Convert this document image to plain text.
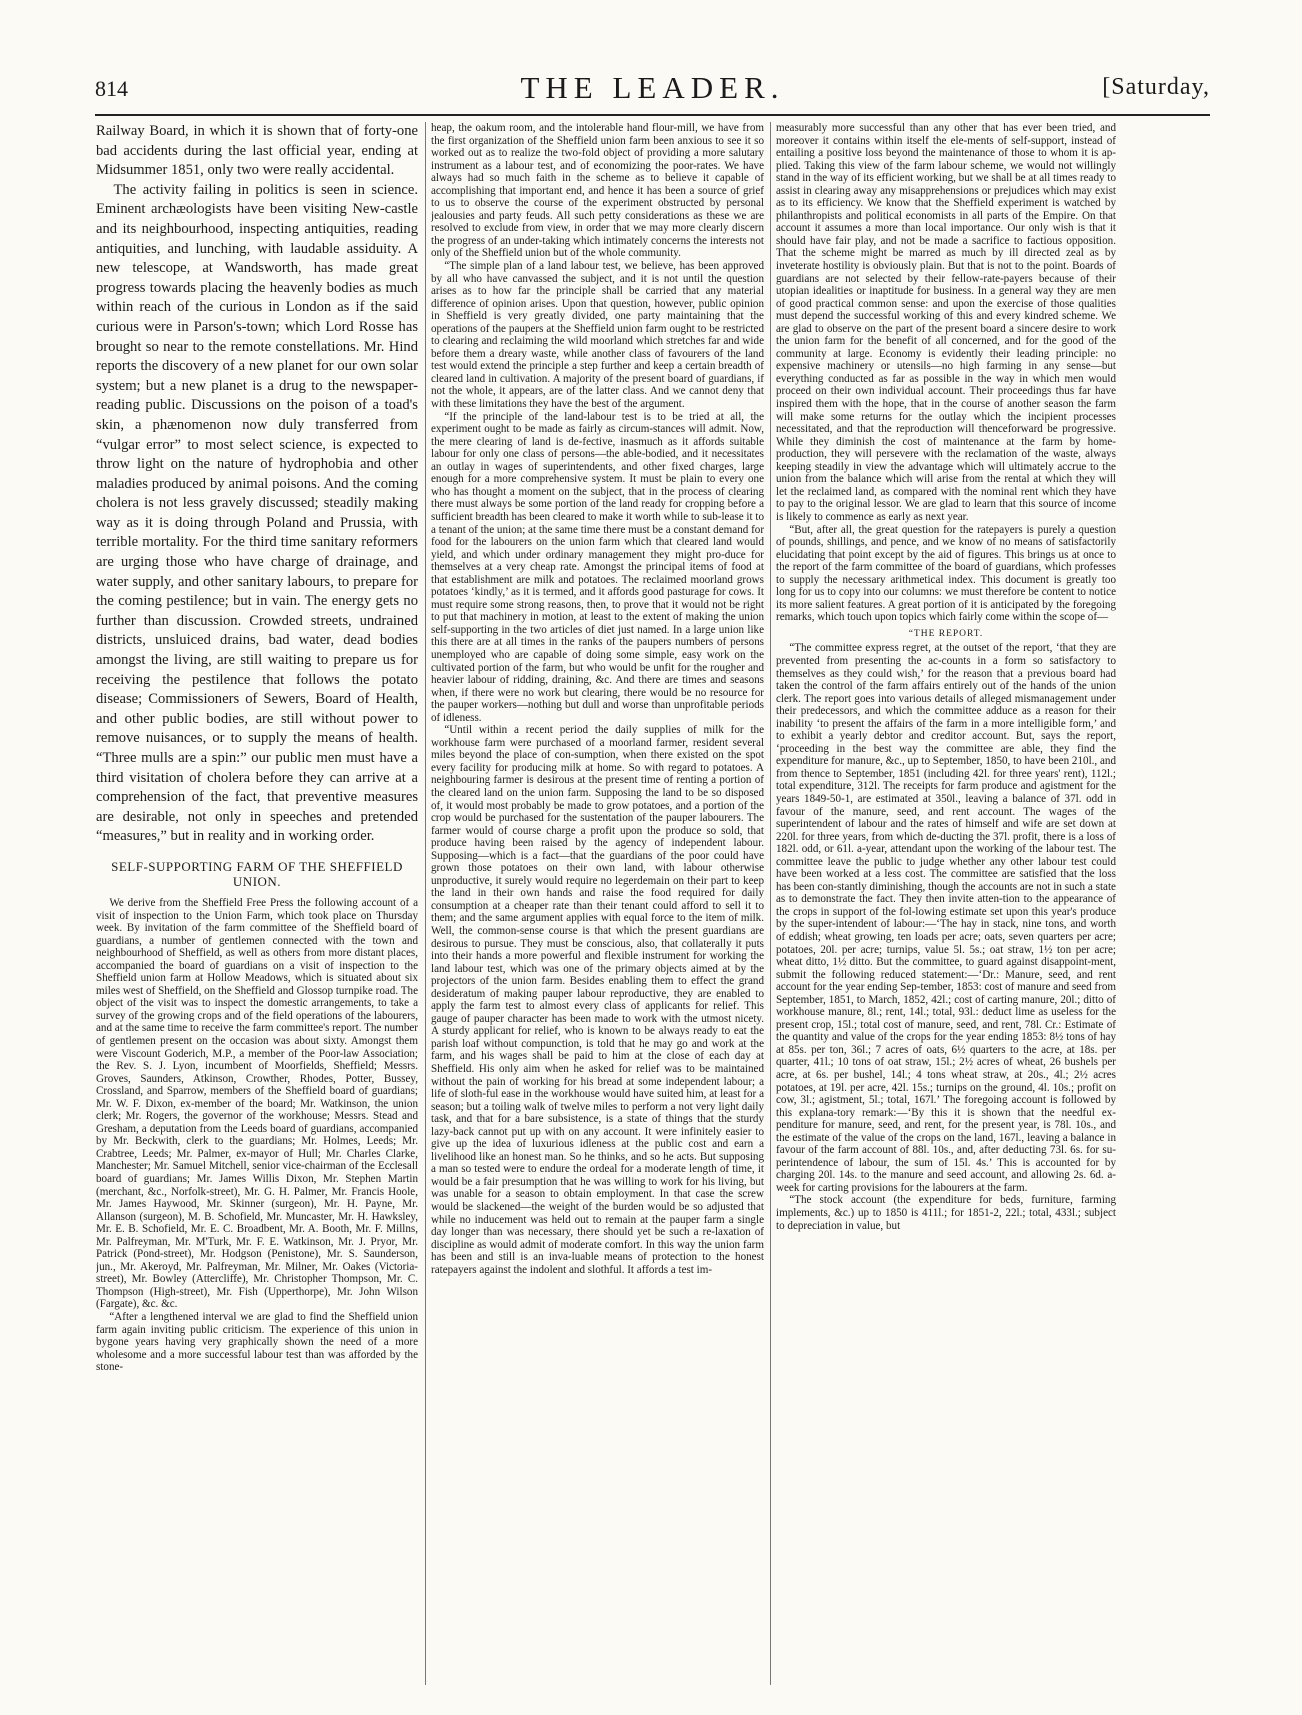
814	THE LEADER.	[Saturday,

Railway Board, in which it is shown that of forty-one bad accidents during the last official year, ending at Midsummer 1851, only two were really accidental.

The activity failing in politics is seen in science. Eminent archæologists have been visiting New-castle and its neighbourhood, inspecting antiquities, reading antiquities, and lunching, with laudable assiduity. A new telescope, at Wandsworth, has made great progress towards placing the heavenly bodies as much within reach of the curious in London as if the said curious were in Parson's-town; which Lord Rosse has brought so near to the remote constellations. Mr. Hind reports the discovery of a new planet for our own solar system; but a new planet is a drug to the newspaper-reading public. Discussions on the poison of a toad's skin, a phænomenon now duly transferred from “vulgar error” to most select science, is expected to throw light on the nature of hydrophobia and other maladies produced by animal poisons. And the coming cholera is not less gravely discussed; steadily making way as it is doing through Poland and Prussia, with terrible mortality. For the third time sanitary reformers are urging those who have charge of drainage, and water supply, and other sanitary labours, to prepare for the coming pestilence; but in vain. The energy gets no further than discussion. Crowded streets, undrained districts, unsluiced drains, bad water, dead bodies amongst the living, are still waiting to prepare us for receiving the pestilence that follows the potato disease; Commissioners of Sewers, Board of Health, and other public bodies, are still without power to remove nuisances, or to supply the means of health. “Three mulls are a spin:” our public men must have a third visitation of cholera before they can arrive at a comprehension of the fact, that preventive measures are desirable, not only in speeches and pretended “measures,” but in reality and in working order.

SELF-SUPPORTING FARM OF THE SHEFFIELD UNION.

We derive from the Sheffield Free Press the following account of a visit of inspection to the Union Farm, which took place on Thursday week. By invitation of the farm committee of the Sheffield board of guardians, a number of gentlemen connected with the town and neighbourhood of Sheffield, as well as others from more distant places, accompanied the board of guardians on a visit of inspection to the Sheffield union farm at Hollow Meadows, which is situated about six miles west of Sheffield, on the Sheffield and Glossop turnpike road. The object of the visit was to inspect the domestic arrangements, to take a survey of the growing crops and of the field operations of the labourers, and at the same time to receive the farm committee's report. The number of gentlemen present on the occasion was about sixty. Amongst them were Viscount Goderich, M.P., a member of the Poor-law Association; the Rev. S. J. Lyon, incumbent of Moorfields, Sheffield; Messrs. Groves, Saunders, Atkinson, Crowther, Rhodes, Potter, Bussey, Crossland, and Sparrow, members of the Sheffield board of guardians; Mr. W. F. Dixon, ex-member of the board; Mr. Watkinson, the union clerk; Mr. Rogers, the governor of the workhouse; Messrs. Stead and Gresham, a deputation from the Leeds board of guardians, accompanied by Mr. Beckwith, clerk to the guardians; Mr. Holmes, Leeds; Mr. Crabtree, Leeds; Mr. Palmer, ex-mayor of Hull; Mr. Charles Clarke, Manchester; Mr. Samuel Mitchell, senior vice-chairman of the Ecclesall board of guardians; Mr. James Willis Dixon, Mr. Stephen Martin (merchant, &c., Norfolk-street), Mr. G. H. Palmer, Mr. Francis Hoole, Mr. James Haywood, Mr. Skinner (surgeon), Mr. H. Payne, Mr. Allanson (surgeon), M. B. Schofield, Mr. Muncaster, Mr. H. Hawksley, Mr. E. B. Schofield, Mr. E. C. Broadbent, Mr. A. Booth, Mr. F. Millns, Mr. Palfreyman, Mr. M'Turk, Mr. F. E. Watkinson, Mr. J. Pryor, Mr. Patrick (Pond-street), Mr. Hodgson (Penistone), Mr. S. Saunderson, jun., Mr. Akeroyd, Mr. Palfreyman, Mr. Milner, Mr. Oakes (Victoria-street), Mr. Bowley (Attercliffe), Mr. Christopher Thompson, Mr. C. Thompson (High-street), Mr. Fish (Upperthorpe), Mr. John Wilson (Fargate), &c. &c.

“After a lengthened interval we are glad to find the Sheffield union farm again inviting public criticism. The experience of this union in bygone years having very graphically shown the need of a more wholesome and a more successful labour test than was afforded by the stone-

heap, the oakum room, and the intolerable hand flour-mill, we have from the first organization of the Sheffield union farm been anxious to see it so worked out as to realize the two-fold object of providing a more salutary instrument as a labour test, and of economizing the poor-rates. We have always had so much faith in the scheme as to believe it capable of accomplishing that important end, and hence it has been a source of grief to us to observe the course of the experiment obstructed by personal jealousies and party feuds. All such petty considerations as these we are resolved to exclude from view, in order that we may more clearly discern the progress of an under-taking which intimately concerns the interests not only of the Sheffield union but of the whole community.

“The simple plan of a land labour test, we believe, has been approved by all who have canvassed the subject, and it is not until the question arises as to how far the principle shall be carried that any material difference of opinion arises. Upon that question, however, public opinion in Sheffield is very greatly divided, one party maintaining that the operations of the paupers at the Sheffield union farm ought to be restricted to clearing and reclaiming the wild moorland which stretches far and wide before them a dreary waste, while another class of favourers of the land test would extend the principle a step further and keep a certain breadth of cleared land in cultivation. A majority of the present board of guardians, if not the whole, it appears, are of the latter class. And we cannot deny that with these limitations they have the best of the argument.

“If the principle of the land-labour test is to be tried at all, the experiment ought to be made as fairly as circum-stances will admit. Now, the mere clearing of land is de-fective, inasmuch as it affords suitable labour for only one class of persons—the able-bodied, and it necessitates an outlay in wages of superintendents, and other fixed charges, large enough for a more comprehensive system. It must be plain to every one who has thought a moment on the subject, that in the process of clearing there must always be some portion of the land ready for cropping before a sufficient breadth has been cleared to make it worth while to sub-lease it to a tenant of the union; at the same time there must be a constant demand for food for the labourers on the union farm which that cleared land would yield, and which under ordinary management they might pro-duce for themselves at a very cheap rate. Amongst the principal items of food at that establishment are milk and potatoes. The reclaimed moorland grows potatoes ‘kindly,’ as it is termed, and it affords good pasturage for cows. It must require some strong reasons, then, to prove that it would not be right to put that machinery in motion, at least to the extent of making the union self-supporting in the two articles of diet just named. In a large union like this there are at all times in the ranks of the paupers numbers of persons unemployed who are capable of doing some simple, easy work on the cultivated portion of the farm, but who would be unfit for the rougher and heavier labour of ridding, draining, &c. And there are times and seasons when, if there were no work but clearing, there would be no resource for the pauper workers—nothing but dull and worse than unprofitable periods of idleness.

“Until within a recent period the daily supplies of milk for the workhouse farm were purchased of a moorland farmer, resident several miles beyond the place of con-sumption, when there existed on the spot every facility for producing milk at home. So with regard to potatoes. A neighbouring farmer is desirous at the present time of renting a portion of the cleared land on the union farm. Supposing the land to be so disposed of, it would most probably be made to grow potatoes, and a portion of the crop would be purchased for the sustentation of the pauper labourers. The farmer would of course charge a profit upon the produce so sold, that produce having been raised by the agency of independent labour. Supposing—which is a fact—that the guardians of the poor could have grown those potatoes on their own land, with labour otherwise unproductive, it surely would require no legerdemain on their part to keep the land in their own hands and raise the food required for daily consumption at a cheaper rate than their tenant could afford to sell it to them; and the same argument applies with equal force to the item of milk. Well, the common-sense course is that which the present guardians are desirous to pursue. They must be conscious, also, that collaterally it puts into their hands a more powerful and flexible instrument for working the land labour test, which was one of the primary objects aimed at by the projectors of the union farm. Besides enabling them to effect the grand desideratum of making pauper labour reproductive, they are enabled to apply the farm test to almost every class of applicants for relief. This gauge of pauper character has been made to work with the utmost nicety. A sturdy applicant for relief, who is known to be always ready to eat the parish loaf without compunction, is told that he may go and work at the farm, and his wages shall be paid to him at the close of each day at Sheffield. His only aim when he asked for relief was to be maintained without the pain of working for his bread at some independent labour; a life of sloth-ful ease in the workhouse would have suited him, at least for a season; but a toiling walk of twelve miles to perform a not very light daily task, and that for a bare subsistence, is a state of things that the sturdy lazy-back cannot put up with on any account. It were infinitely easier to give up the idea of luxurious idleness at the public cost and earn a livelihood like an honest man. So he thinks, and so he acts. But supposing a man so tested were to endure the ordeal for a moderate length of time, it would be a fair presumption that he was willing to work for his living, but was unable for a season to obtain employment. In that case the screw would be slackened—the weight of the burden would be so adjusted that while no inducement was held out to remain at the pauper farm a single day longer than was necessary, there should yet be such a re-laxation of discipline as would admit of moderate comfort. In this way the union farm has been and still is an inva-luable means of protection to the honest ratepayers against the indolent and slothful. It affords a test im-

measurably more successful than any other that has ever been tried, and moreover it contains within itself the ele-ments of self-support, instead of entailing a positive loss beyond the maintenance of those to whom it is ap-plied. Taking this view of the farm labour scheme, we would not willingly stand in the way of its efficient working, but we shall be at all times ready to assist in clearing away any misapprehensions or prejudices which may exist as to its efficiency. We know that the Sheffield experiment is watched by philanthropists and political economists in all parts of the Empire. On that account it assumes a more than local importance. Our only wish is that it should have fair play, and not be made a sacrifice to factious opposition. That the scheme might be marred as much by ill directed zeal as by inveterate hostility is obviously plain. But that is not to the point. Boards of guardians are not selected by their fellow-rate-payers because of their utopian idealities or inaptitude for business. In a general way they are men of good practical common sense: and upon the exercise of those qualities must depend the successful working of this and every kindred scheme. We are glad to observe on the part of the present board a sincere desire to work the union farm for the benefit of all concerned, and for the good of the community at large. Economy is evidently their leading principle: no expensive machinery or utensils—no high farming in any sense—but everything conducted as far as possible in the way in which men would proceed on their own individual account. Their proceedings thus far have inspired them with the hope, that in the course of another season the farm will make some returns for the outlay which the incipient processes necessitated, and that the reproduction will thenceforward be progressive. While they diminish the cost of maintenance at the farm by home-production, they will persevere with the reclamation of the waste, always keeping steadily in view the advantage which will ultimately accrue to the union from the balance which will arise from the rental at which they will let the reclaimed land, as compared with the nominal rent which they have to pay to the original lessor. We are glad to learn that this source of income is likely to commence as early as next year.

“But, after all, the great question for the ratepayers is purely a question of pounds, shillings, and pence, and we know of no means of satisfactorily elucidating that point except by the aid of figures. This brings us at once to the report of the farm committee of the board of guardians, which professes to supply the necessary arithmetical index. This document is greatly too long for us to copy into our columns: we must therefore be content to notice its more salient features. A great portion of it is anticipated by the foregoing remarks, which touch upon topics which fairly come within the scope of—

“THE REPORT.

“The committee express regret, at the outset of the report, ‘that they are prevented from presenting the ac-counts in a form so satisfactory to themselves as they could wish,’ for the reason that a previous board had taken the control of the farm affairs entirely out of the hands of the union clerk. The report goes into various details of alleged mismanagement under their predecessors, and which the committee adduce as a reason for their inability ‘to present the affairs of the farm in a more intelligible form,’ and to exhibit a yearly debtor and creditor account. But, says the report, ‘proceeding in the best way the committee are able, they find the expenditure for manure, &c., up to September, 1850, to have been 210l., and from thence to September, 1851 (including 42l. for three years' rent), 112l.; total expenditure, 312l. The receipts for farm produce and agistment for the years 1849-50-1, are estimated at 350l., leaving a balance of 37l. odd in favour of the manure, seed, and rent account. The wages of the superintendent of labour and the rates of himself and wife are set down at 220l. for three years, from which de-ducting the 37l. profit, there is a loss of 182l. odd, or 61l. a-year, attendant upon the working of the labour test. The committee leave the public to judge whether any other labour test could have been worked at a less cost. The committee are satisfied that the loss has been con-stantly diminishing, though the accounts are not in such a state as to demonstrate the fact. They then invite atten-tion to the appearance of the crops in support of the fol-lowing estimate set upon this year's produce by the super-intendent of labour:—‘The hay in stack, nine tons, and worth of eddish; wheat growing, ten loads per acre; oats, seven quarters per acre; potatoes, 20l. per acre; turnips, value 5l. 5s.; oat straw, 1½ ton per acre; wheat ditto, 1½ ditto. But the committee, to guard against disappoint-ment, submit the following reduced statement:—‘Dr.: Manure, seed, and rent account for the year ending Sep-tember, 1853: cost of manure and seed from September, 1851, to March, 1852, 42l.; cost of carting manure, 20l.; ditto of workhouse manure, 8l.; rent, 14l.; total, 93l.: deduct lime as useless for the present crop, 15l.; total cost of manure, seed, and rent, 78l. Cr.: Estimate of the quantity and value of the crops for the year ending 1853: 8½ tons of hay at 85s. per ton, 36l.; 7 acres of oats, 6½ quarters to the acre, at 18s. per quarter, 41l.; 10 tons of oat straw, 15l.; 2½ acres of wheat, 26 bushels per acre, at 6s. per bushel, 14l.; 4 tons wheat straw, at 20s., 4l.; 2½ acres potatoes, at 19l. per acre, 42l. 15s.; turnips on the ground, 4l. 10s.; profit on cow, 3l.; agistment, 5l.; total, 167l.’ The foregoing account is followed by this explana-tory remark:—‘By this it is shown that the needful ex-penditure for manure, seed, and rent, for the present year, is 78l. 10s., and the estimate of the value of the crops on the land, 167l., leaving a balance in favour of the farm account of 88l. 10s., and, after deducting 73l. 6s. for su-perintendence of labour, the sum of 15l. 4s.’ This is accounted for by charging 20l. 14s. to the manure and seed account, and allowing 2s. 6d. a-week for carting provisions for the labourers at the farm.

“The stock account (the expenditure for beds, furniture, farming implements, &c.) up to 1850 is 411l.; for 1851-2, 22l.; total, 433l.; subject to depreciation in value, but
